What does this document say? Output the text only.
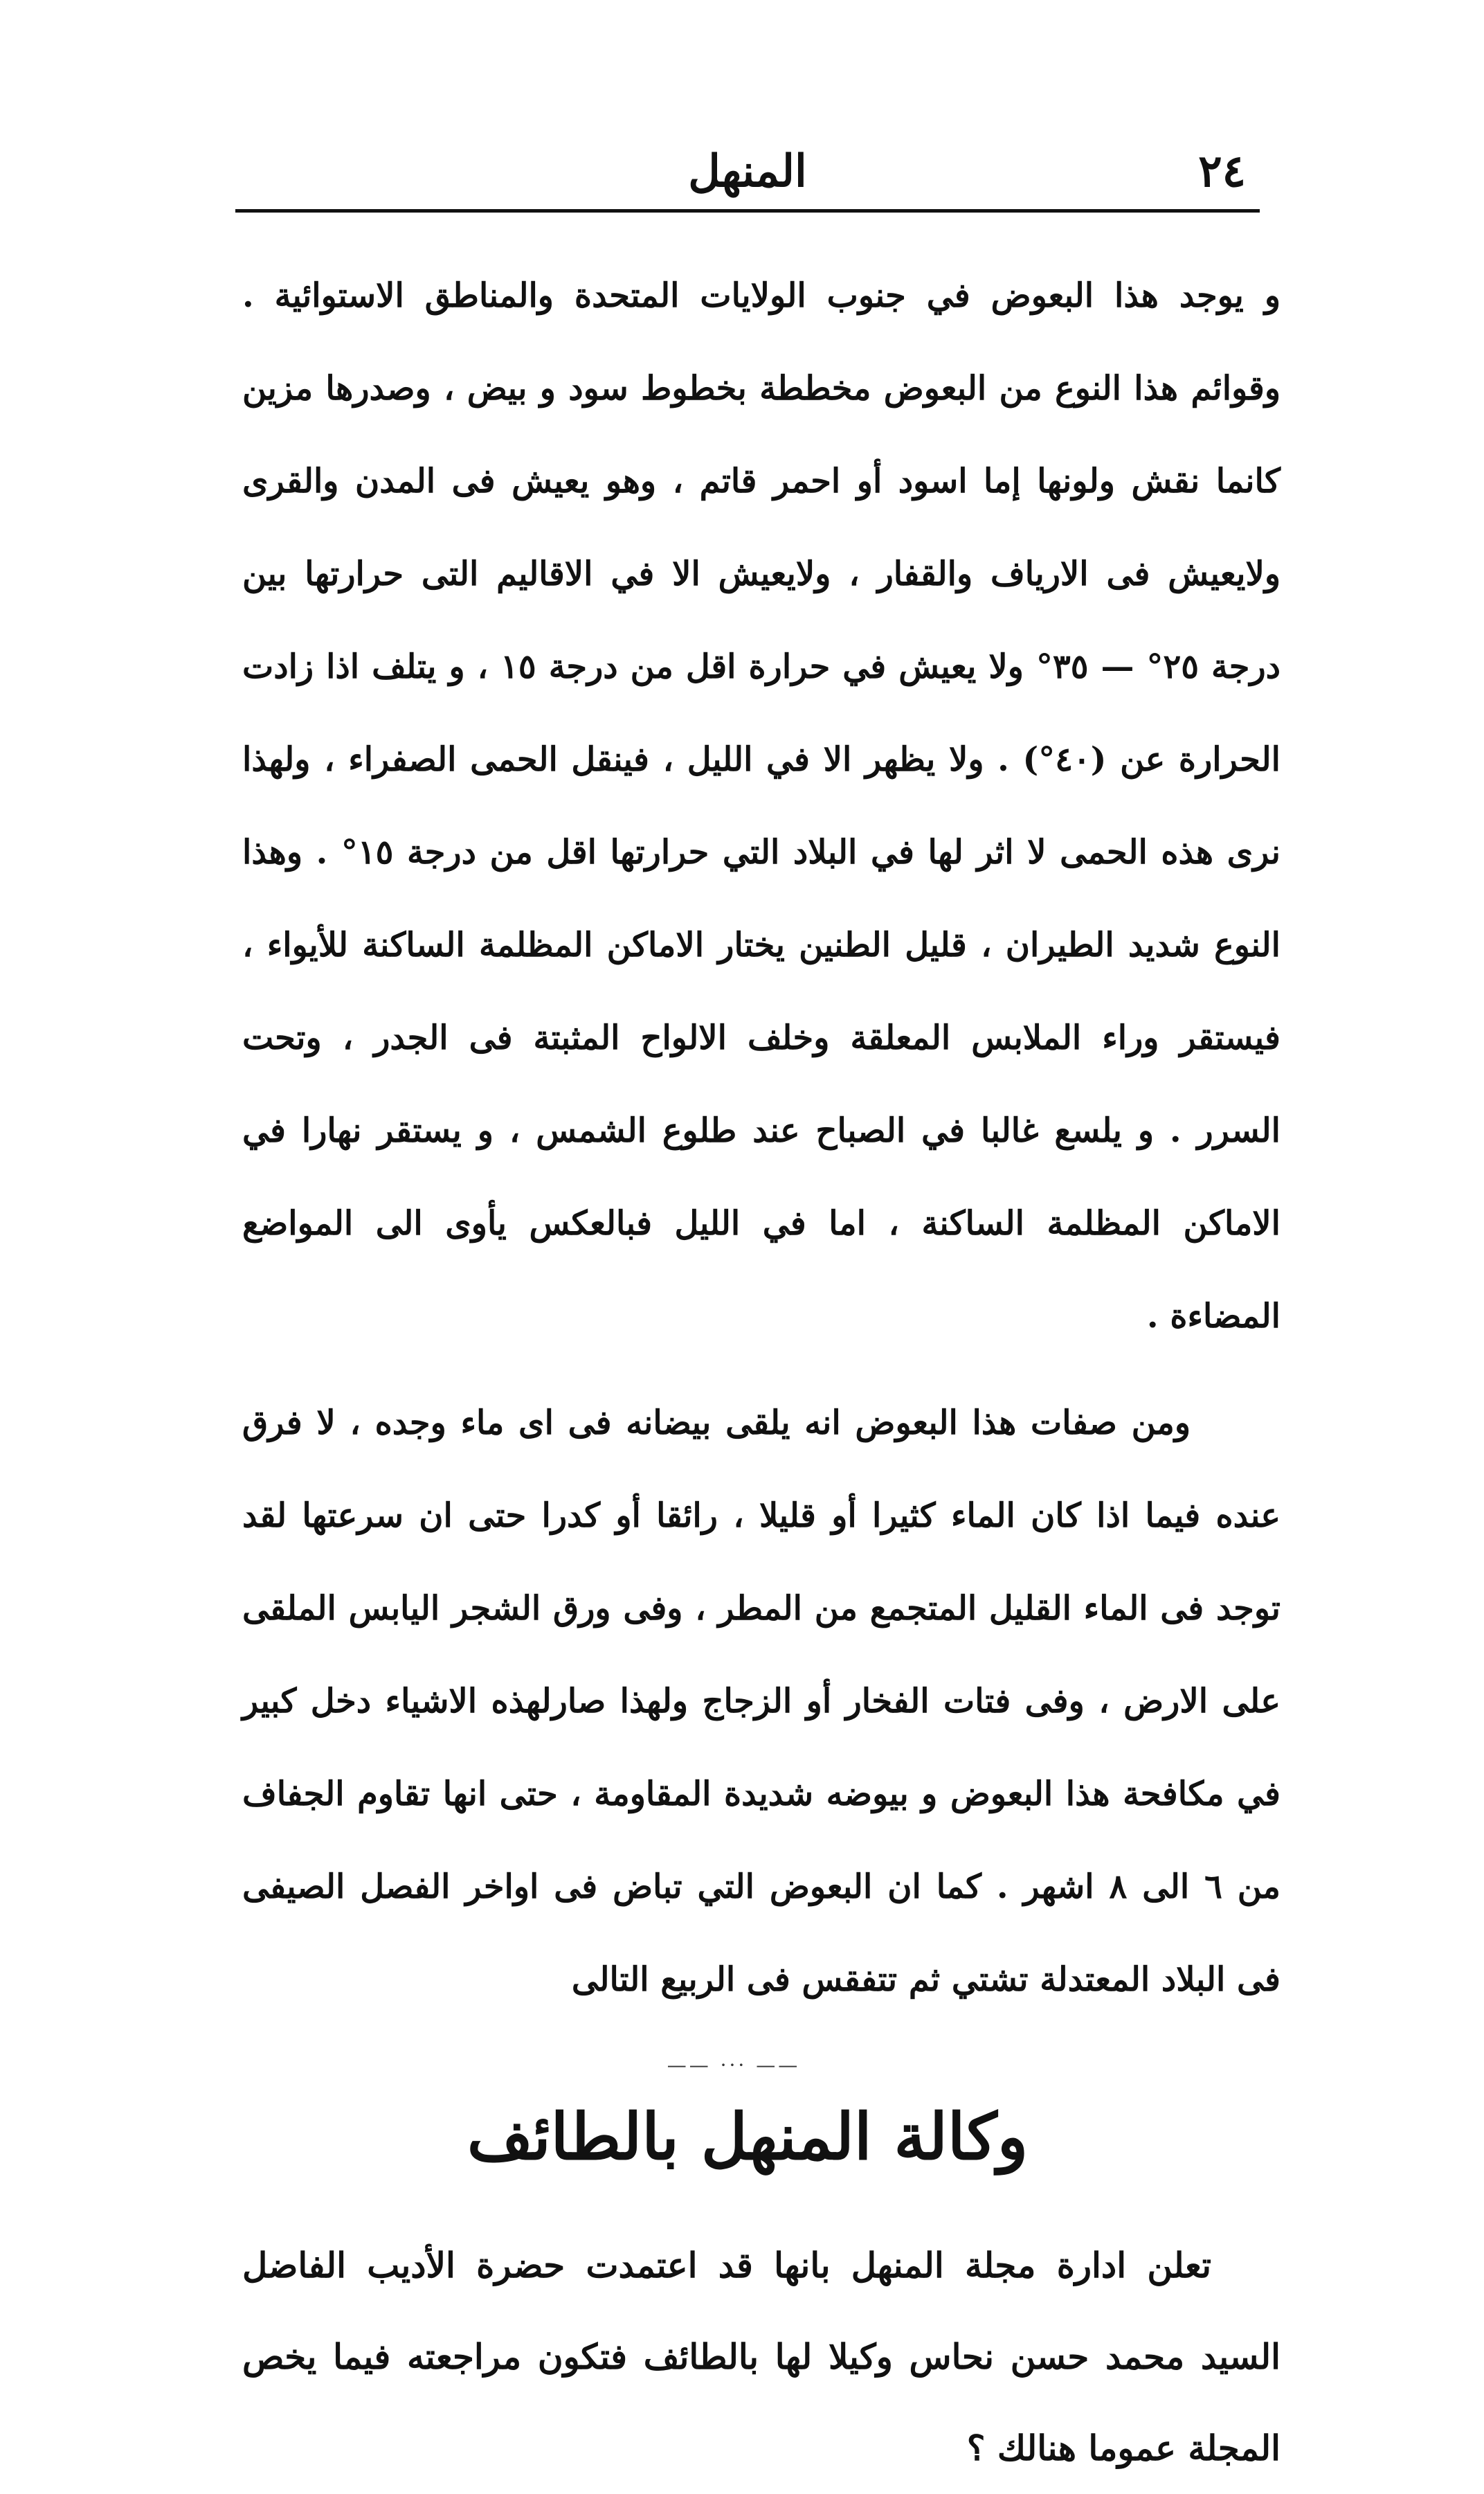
٢٤
المنهل

و يوجد هذا البعوض في جنوب الولايات المتحدة والمناطق الاستوائية . وقوائم هذا النوع من البعوض مخططة بخطوط سود و بيض ، وصدرها مزين كانما نقش ولونها إما اسود أو احمر قاتم ، وهو يعيش فى المدن والقرى ولايعيش فى الارياف والقفار ، ولايعيش الا في الاقاليم التى حرارتها بين درجة ٢٥° — ٣٥° ولا يعيش في حرارة اقل من درجة ١٥ ، و يتلف اذا زادت الحرارة عن (٤٠°) . ولا يظهر الا في الليل ، فينقل الحمى الصفراء ، ولهذا نرى هذه الحمى لا اثر لها في البلاد التي حرارتها اقل من درجة ١٥° . وهذا النوع شديد الطيران ، قليل الطنين يختار الاماكن المظلمة الساكنة للأيواء ، فيستقر وراء الملابس المعلقة وخلف الالواح المثبتة فى الجدر ، وتحت السرر . و يلسع غالبا في الصباح عند طلوع الشمس ، و يستقر نهارا في الاماكن المظلمة الساكنة ، اما في الليل فبالعكس يأوى الى المواضع المضاءة .

ومن صفات هذا البعوض انه يلقى بيضانه فى اى ماء وجده ، لا فرق عنده فيما اذا كان الماء كثيرا أو قليلا ، رائقا أو كدرا حتى ان سرعتها لقد توجد فى الماء القليل المتجمع من المطر ، وفى ورق الشجر اليابس الملقى على الارض ، وفى فتات الفخار أو الزجاج ولهذا صارلهذه الاشياء دخل كبير في مكافحة هذا البعوض و بيوضه شديدة المقاومة ، حتى انها تقاوم الجفاف من ٦ الى ٨ اشهر . كما ان البعوض التي تباض فى اواخر الفصل الصيفى فى البلاد المعتدلة تشتي ثم تتفقس فى الربيع التالى

—— ··· ——
وكالة المنهل بالطائف

تعلن ادارة مجلة المنهل بانها قد اعتمدت حضرة الأديب الفاضل السيد محمد حسن نحاس وكيلا لها بالطائف فتكون مراجعته فيما يخص المجلة عموما هنالك ؟
